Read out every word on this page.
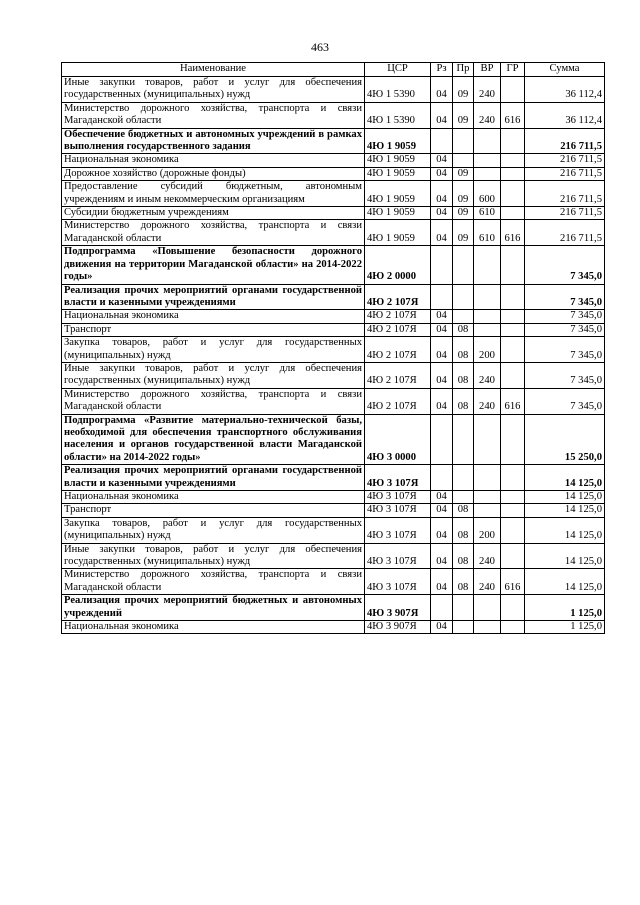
463
Наименование	ЦСР	Рз	Пр	ВР	ГР	Сумма
Иные закупки товаров, работ и услуг для обеспечения государственных (муниципальных) нужд	4Ю 1 5390	04	09	240		36 112,4
Министерство дорожного хозяйства, транспорта и связи Магаданской области	4Ю 1 5390	04	09	240	616	36 112,4
Обеспечение бюджетных и автономных учреждений в рамках выполнения государственного задания	4Ю 1 9059					216 711,5
Национальная экономика	4Ю 1 9059	04				216 711,5
Дорожное хозяйство (дорожные фонды)	4Ю 1 9059	04	09			216 711,5
Предоставление субсидий бюджетным, автономным учреждениям и иным некоммерческим организациям	4Ю 1 9059	04	09	600		216 711,5
Субсидии бюджетным учреждениям	4Ю 1 9059	04	09	610		216 711,5
Министерство дорожного хозяйства, транспорта и связи Магаданской области	4Ю 1 9059	04	09	610	616	216 711,5
Подпрограмма «Повышение безопасности дорожного движения на территории Магаданской области» на 2014-2022 годы»	4Ю 2 0000					7 345,0
Реализация прочих мероприятий органами государственной власти и казенными учреждениями	4Ю 2 107Я					7 345,0
Национальная экономика	4Ю 2 107Я	04				7 345,0
Транспорт	4Ю 2 107Я	04	08			7 345,0
Закупка товаров, работ и услуг для государственных (муниципальных) нужд	4Ю 2 107Я	04	08	200		7 345,0
Иные закупки товаров, работ и услуг для обеспечения государственных (муниципальных) нужд	4Ю 2 107Я	04	08	240		7 345,0
Министерство дорожного хозяйства, транспорта и связи Магаданской области	4Ю 2 107Я	04	08	240	616	7 345,0
Подпрограмма «Развитие материально-технической базы, необходимой для обеспечения транспортного обслуживания населения и органов государственной власти Магаданской области» на 2014-2022 годы»	4Ю 3 0000					15 250,0
Реализация прочих мероприятий органами государственной власти и казенными учреждениями	4Ю 3 107Я					14 125,0
Национальная экономика	4Ю 3 107Я	04				14 125,0
Транспорт	4Ю 3 107Я	04	08			14 125,0
Закупка товаров, работ и услуг для государственных (муниципальных) нужд	4Ю 3 107Я	04	08	200		14 125,0
Иные закупки товаров, работ и услуг для обеспечения государственных (муниципальных) нужд	4Ю 3 107Я	04	08	240		14 125,0
Министерство дорожного хозяйства, транспорта и связи Магаданской области	4Ю 3 107Я	04	08	240	616	14 125,0
Реализация прочих мероприятий бюджетных и автономных учреждений	4Ю 3 907Я					1 125,0
Национальная экономика	4Ю 3 907Я	04				1 125,0
